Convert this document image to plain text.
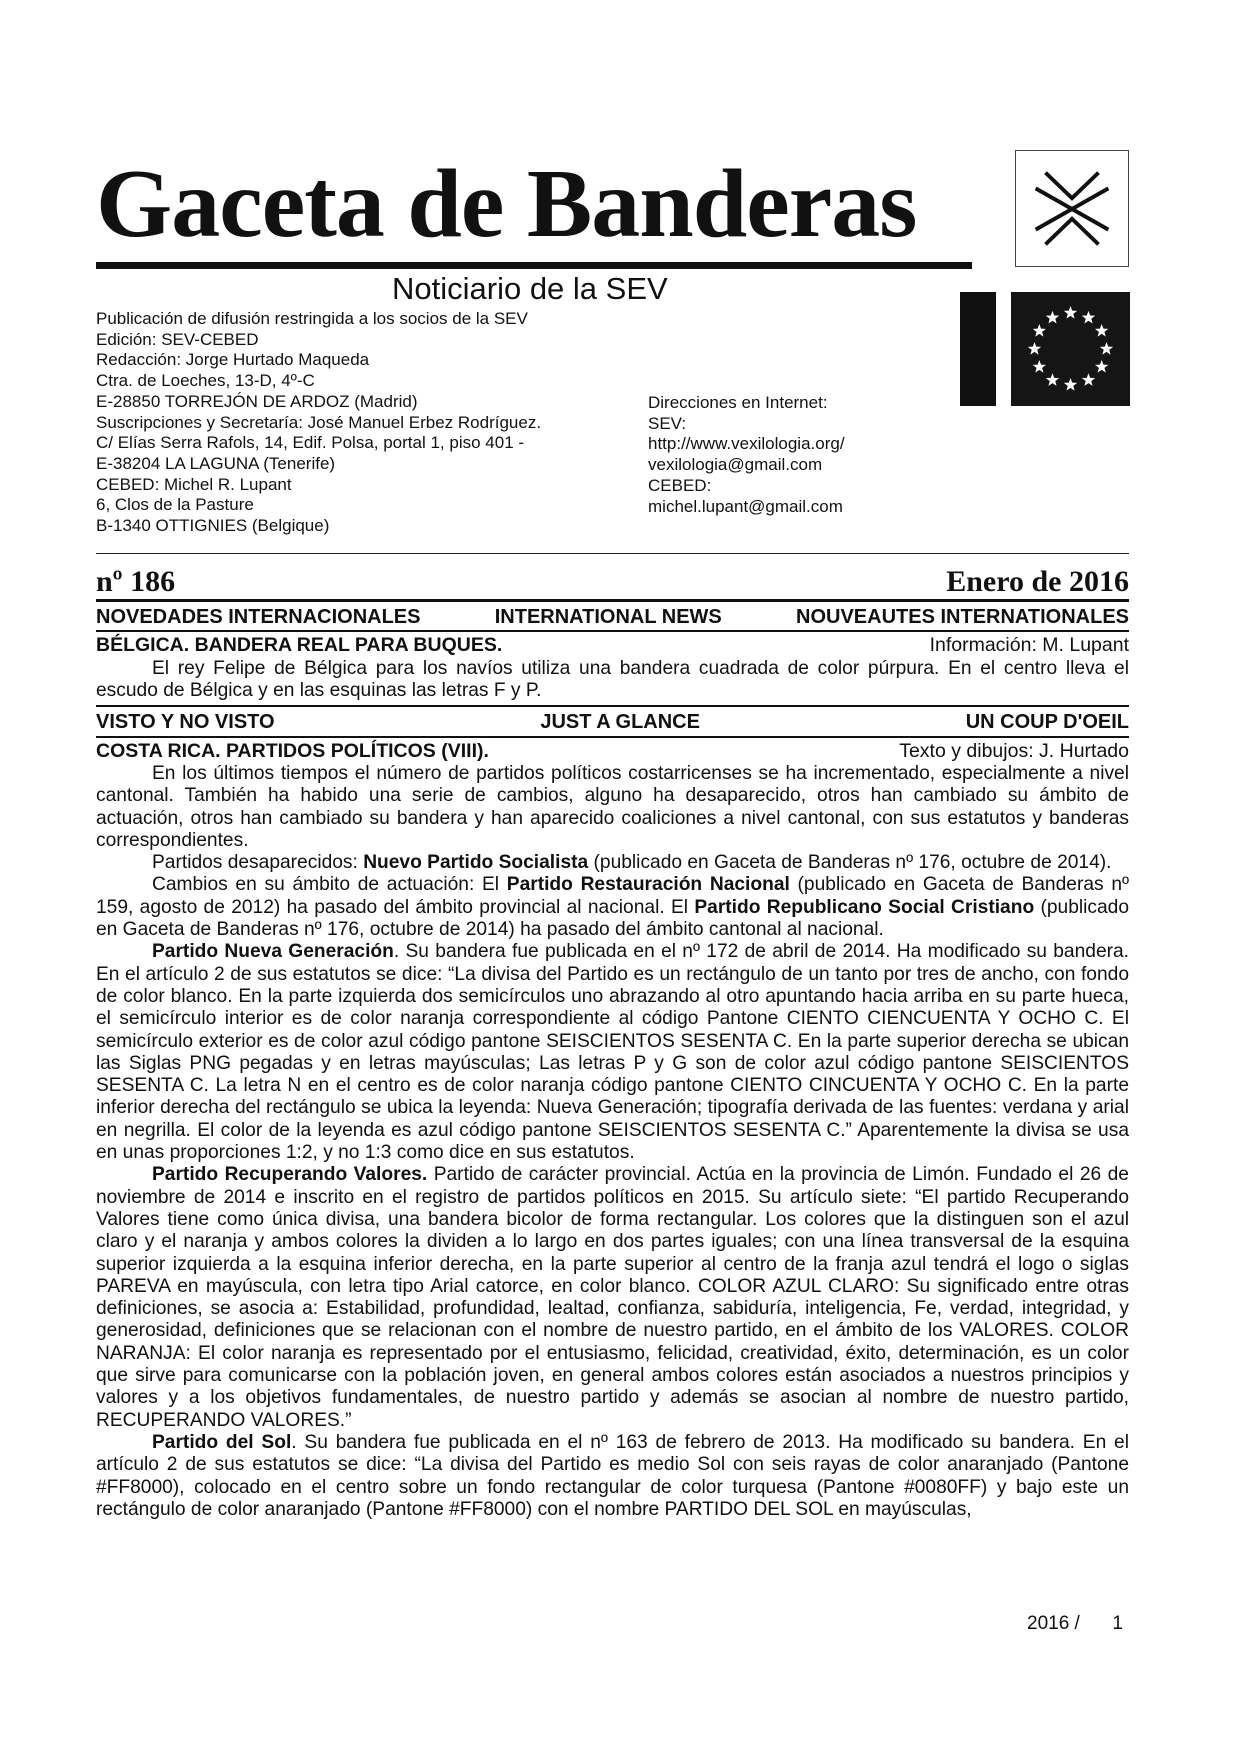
Gaceta de Banderas
Noticiario de la SEV
Publicación de difusión restringida a los socios de la SEV
Edición: SEV-CEBED
Redacción: Jorge Hurtado Maqueda
Ctra. de Loeches, 13-D, 4º-C
E-28850 TORREJÓN DE ARDOZ (Madrid)
Suscripciones y Secretaría: José Manuel Erbez Rodríguez.
C/ Elías Serra Rafols, 14, Edif. Polsa, portal 1, piso 401 -
E-38204 LA LAGUNA (Tenerife)
CEBED: Michel R. Lupant
6, Clos de la Pasture
B-1340 OTTIGNIES (Belgique)
Direcciones en Internet:
SEV:
http://www.vexilologia.org/
vexilologia@gmail.com
CEBED:
michel.lupant@gmail.com
nº 186	Enero de 2016
NOVEDADES INTERNACIONALES	INTERNATIONAL NEWS	NOUVEAUTES INTERNATIONALES
BÉLGICA. BANDERA REAL PARA BUQUES.	Información: M. Lupant

El rey Felipe de Bélgica para los navíos utiliza una bandera cuadrada de color púrpura. En el centro lleva el escudo de Bélgica y en las esquinas las letras F y P.

VISTO Y NO VISTO	JUST A GLANCE	UN COUP D'OEIL
COSTA RICA. PARTIDOS POLÍTICOS (VIII).	Texto y dibujos: J. Hurtado

En los últimos tiempos el número de partidos políticos costarricenses se ha incrementado, especialmente a nivel cantonal. También ha habido una serie de cambios, alguno ha desaparecido, otros han cambiado su ámbito de actuación, otros han cambiado su bandera y han aparecido coaliciones a nivel cantonal, con sus estatutos y banderas correspondientes.

Partidos desaparecidos: Nuevo Partido Socialista (publicado en Gaceta de Banderas nº 176, octubre de 2014).

Cambios en su ámbito de actuación: El Partido Restauración Nacional (publicado en Gaceta de Banderas nº 159, agosto de 2012) ha pasado del ámbito provincial al nacional. El Partido Republicano Social Cristiano (publicado en Gaceta de Banderas nº 176, octubre de 2014) ha pasado del ámbito cantonal al nacional.

Partido Nueva Generación. Su bandera fue publicada en el nº 172 de abril de 2014. Ha modificado su bandera. En el artículo 2 de sus estatutos se dice: “La divisa del Partido es un rectángulo de un tanto por tres de ancho, con fondo de color blanco. En la parte izquierda dos semicírculos uno abrazando al otro apuntando hacia arriba en su parte hueca, el semicírculo interior es de color naranja correspondiente al código Pantone CIENTO CIENCUENTA Y OCHO C. El semicírculo exterior es de color azul código pantone SEISCIENTOS SESENTA C. En la parte superior derecha se ubican las Siglas PNG pegadas y en letras mayúsculas; Las letras P y G son de color azul código pantone SEISCIENTOS SESENTA C. La letra N en el centro es de color naranja código pantone CIENTO CINCUENTA Y OCHO C. En la parte inferior derecha del rectángulo se ubica la leyenda: Nueva Generación; tipografía derivada de las fuentes: verdana y arial en negrilla. El color de la leyenda es azul código pantone SEISCIENTOS SESENTA C.” Aparentemente la divisa se usa en unas proporciones 1:2, y no 1:3 como dice en sus estatutos.

Partido Recuperando Valores. Partido de carácter provincial. Actúa en la provincia de Limón. Fundado el 26 de noviembre de 2014 e inscrito en el registro de partidos políticos en 2015. Su artículo siete: “El partido Recuperando Valores tiene como única divisa, una bandera bicolor de forma rectangular. Los colores que la distinguen son el azul claro y el naranja y ambos colores la dividen a lo largo en dos partes iguales; con una línea transversal de la esquina superior izquierda a la esquina inferior derecha, en la parte superior al centro de la franja azul tendrá el logo o siglas PAREVA en mayúscula, con letra tipo Arial catorce, en color blanco. COLOR AZUL CLARO: Su significado entre otras definiciones, se asocia a: Estabilidad, profundidad, lealtad, confianza, sabiduría, inteligencia, Fe, verdad, integridad, y generosidad, definiciones que se relacionan con el nombre de nuestro partido, en el ámbito de los VALORES. COLOR NARANJA: El color naranja es representado por el entusiasmo, felicidad, creatividad, éxito, determinación, es un color que sirve para comunicarse con la población joven, en general ambos colores están asociados a nuestros principios y valores y a los objetivos fundamentales, de nuestro partido y además se asocian al nombre de nuestro partido, RECUPERANDO VALORES.”

Partido del Sol. Su bandera fue publicada en el nº 163 de febrero de 2013. Ha modificado su bandera. En el artículo 2 de sus estatutos se dice: “La divisa del Partido es medio Sol con seis rayas de color anaranjado (Pantone #FF8000), colocado en el centro sobre un fondo rectangular de color turquesa (Pantone #0080FF) y bajo este un rectángulo de color anaranjado (Pantone #FF8000) con el nombre PARTIDO DEL SOL en mayúsculas,

2016 / 1
